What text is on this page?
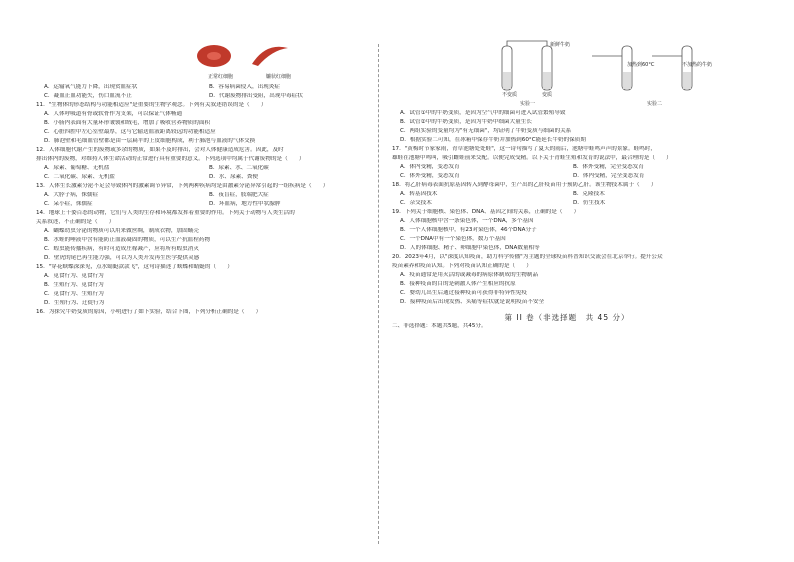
正常红细胞	镰状红细胞
A．运输氧气能力下降，出现贫血症状	B．容易病菌侵入，出现炎症
C．凝血止血功能失，伤口血流不止	D．代谢废物排出受阻，出现中毒症状
11．"生物体的形态结构与功能相适应"是重要的生物学观念。下列有关叙述错误的是（　　）
A．人体呼吸道有骨或软骨作为支架，可以保证气体畅通
B．小肠内表面有大量环形皱襞和绒毛，增加了吸收营养物质的面积
C．心脏四腔中左心室壁最厚，这与它输送血液距离较远的功能相适应
D．肺泡壁和毛细血管壁都是由一层扁平的上皮细胞构成，利于肺泡与血液的气体交换
12．人体细胞代谢产生的废物或多余的物质，如果不及时排出，会对人体健康造成危害。因此，及时
排出体内的废物，对维持人体生命活动的正常进行具有重要的意义。下列选项中均属于代谢废物的是（　　）
A．尿素、葡萄糖、无机盐	B．尿素、水、二氧化碳
C．二氧化碳、尿素、无机盐	D．水、尿素、粪便
13．人体生长激素分泌不足会导致体内的激素调节异常，下列两种疾病均是由激素分泌异常引起的一组疾病是（　　）
A．大脖子病，侏儒症	B．夜盲症，肢端肥大症
C．呆小症，侏儒症	D．坏血病，地方性甲状腺肿
14．地球上千姿百态的动物，它们与人类的生存和环境都发挥着重要的作用。下列关于动物与人类生活的
关系叙述，不正确的是（　　）
A．蝴蝶幼虫分泌的物质可以用来做丝绸，制成衣物，加固蛹壳
B．水蛭的唾液中含有能防止血液凝固的物质，可以生产抗血栓药物
C．蝗虫能传播疾病，有时可造成庄稼减产，应将所有蝗虫消灭
D．壁虎的尾巴再生能力强，可以为人类开发再生医学提供灵感
15．"穿花蛱蝶深深见，点水蜻蜓款款飞"，这句诗描述了蛱蝶和蜻蜓的（　　）
A．觅食行为、觅食行为
B．生殖行为、觅食行为
C．觅食行为、生殖行为
D．生殖行为、迁徙行为
16．为探究牛奶变质的原因，小明进行了如下实验，结合下图，下列分析正确的是（　　）
新鲜牛奶
加热到60°C	不加热的牛奶
不变质	变质
实验一	实验二
A．试管①中的牛奶变质，是因为空气中的细菌可进入试管繁殖导致
B．试管②中的牛奶变质，是因为牛奶中细菌大量生长
C．两组实验的变量均为"有无细菌"，均证明了牛奶变质与细菌的关系
D．根据实验二可知，在冰箱中保存牛奶并加热到60°C能延长牛奶的保质期
17．"黄梅时节家家雨，青草池塘处处蛙"，这一诗句描写了夏天的雨后，池塘中蛙鸣声声的景象。蛙鸣时，
雄蛙在池塘中鸣叫，吸引雌蛙前来交配。以便完成受精。以下关于青蛙生殖和发育的说法中，最合理的是（　　）
A．体内受精，变态发育	B．体外受精，完全变态发育
C．体外受精，变态发育	D．体内受精，完全变态发育
18．将乙肝病毒表面抗原基因转入到酵母菌中，生产出的乙肝疫苗用于预防乙肝。该生物技术属于（　　）
A．转基因技术	B．克隆技术
C．杂交技术	D．仿生技术
19．下列关于细胞核、染色体、DNA、基因之间的关系，正确的是（　　）
A．人体细胞核中含一条染色体，一个DNA，多个基因
B．一个人体细胞核中，有23对染色体，46个DNA分子
C．一个DNA中有一个染色体，数万个基因
D．人的体细胞、精子、卵细胞中染色体，DNA数量相等
20．2023年4月，以"深度认知疫苗，助力科学传播"为主题的全球疫苗科普知识交流会在北京举行。提升公众
疫苗素养和疫苗认知。下列对疫苗认知正确的是（　　）
A．疫苗通常是用灭活的或减毒的病原体制成的生物制品
B．接种疫苗的目的是刺激人体产生相应的抗原
C．婴幼儿出生后通过接种疫苗可获得非特异性免疫
D．接种疫苗后出现发热、头痛等症状就是说明疫苗不安全
第 II 卷（非选择题　共 45 分）
二、非选择题：本题共5题，共45分。
